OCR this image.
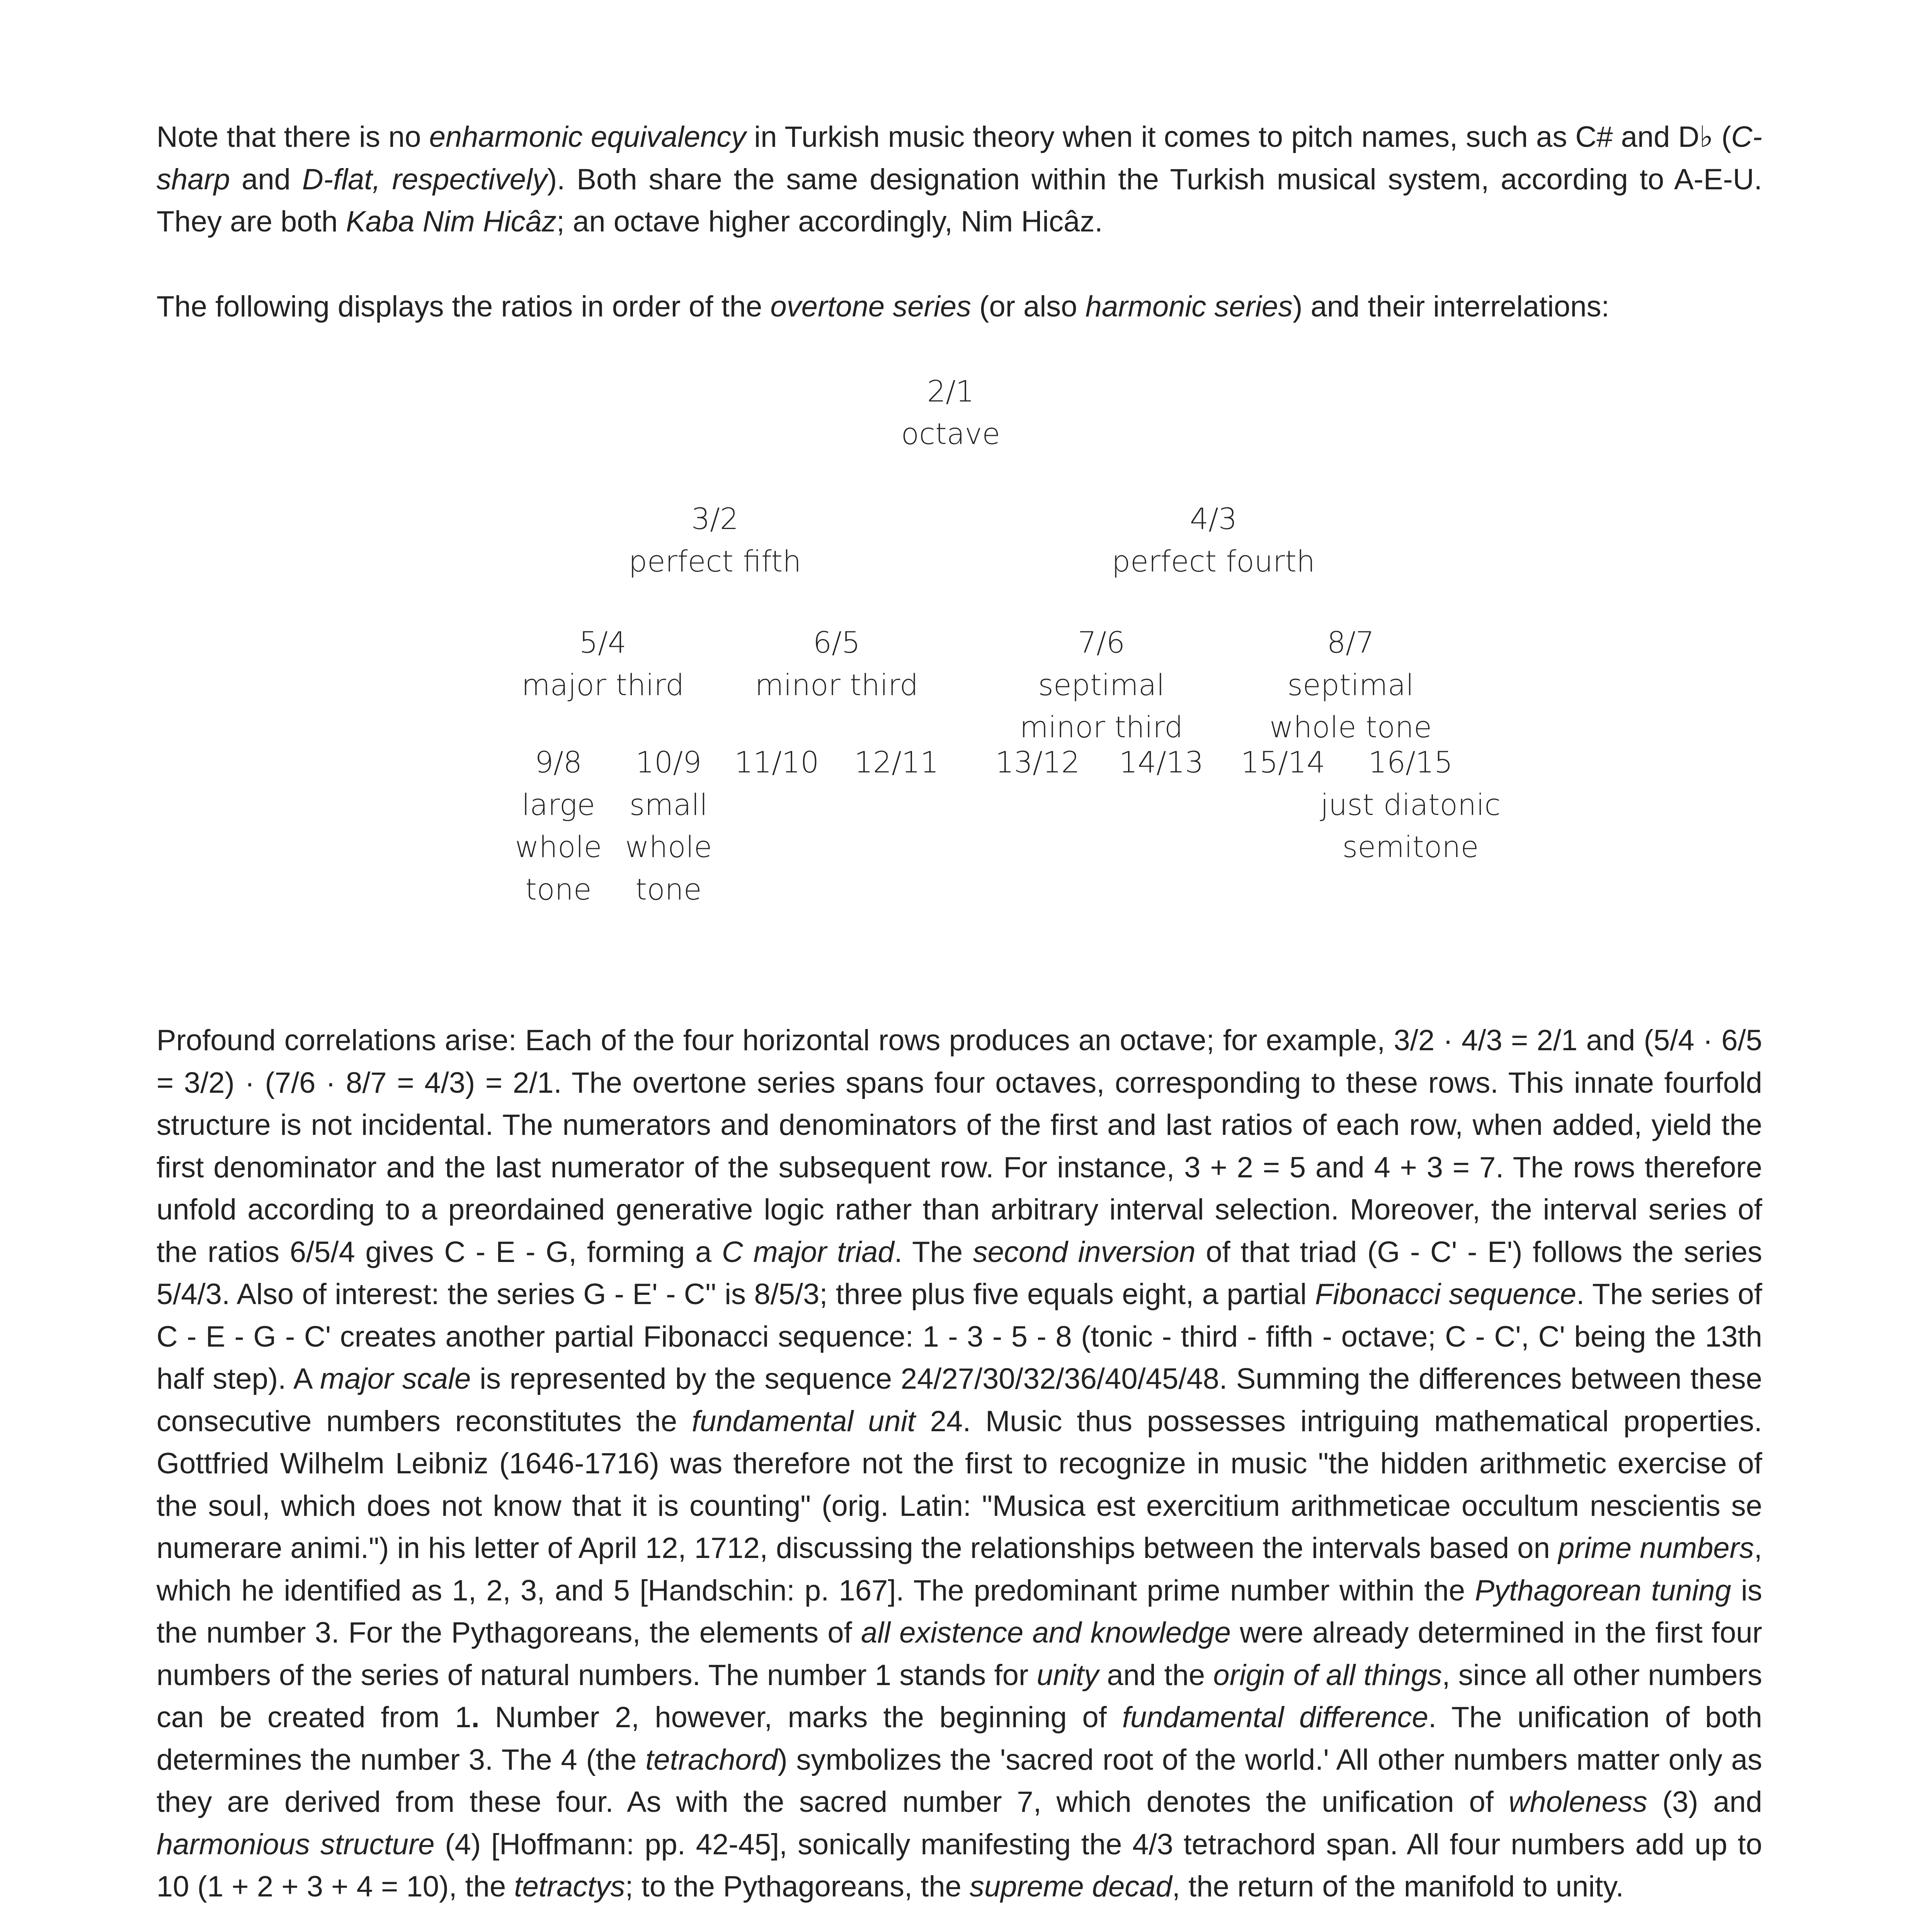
Note that there is no enharmonic equivalency in Turkish music theory when it comes to pitch names, such as C# and D♭ (C-sharp and D-flat, respectively). Both share the same designation within the Turkish musical system, according to A-E-U. They are both Kaba Nim Hicâz; an octave higher accordingly, Nim Hicâz.

The following displays the ratios in order of the overtone series (or also harmonic series) and their interrelations:

2/1
octave
3/2
perfect fifth
4/3
perfect fourth
5/4
major third
6/5
minor third
7/6
septimal
minor third
8/7
septimal
whole tone
9/8
large
whole
tone
10/9
small
whole
tone
11/10 12/11 13/12 14/13 15/14	16/15
just diatonic
semitone

Profound correlations arise: Each of the four horizontal rows produces an octave; for example, 3/2 · 4/3 = 2/1 and (5/4 · 6/5 = 3/2) · (7/6 · 8/7 = 4/3) = 2/1. The overtone series spans four octaves, corresponding to these rows. This innate fourfold structure is not incidental. The numerators and denominators of the first and last ratios of each row, when added, yield the first denominator and the last numerator of the subsequent row. For instance, 3 + 2 = 5 and 4 + 3 = 7. The rows therefore unfold according to a preordained generative logic rather than arbitrary interval selection. Moreover, the interval series of the ratios 6/5/4 gives C - E - G, forming a C major triad. The second inversion of that triad (G - C' - E') follows the series 5/4/3. Also of interest: the series G - E' - C'' is 8/5/3; three plus five equals eight, a partial Fibonacci sequence. The series of C - E - G - C' creates another partial Fibonacci sequence: 1 - 3 - 5 - 8 (tonic - third - fifth - octave; C - C', C' being the 13th half step). A major scale is represented by the sequence 24/27/30/32/36/40/45/48. Summing the differences between these consecutive numbers reconstitutes the fundamental unit 24. Music thus possesses intriguing mathematical properties. Gottfried Wilhelm Leibniz (1646-1716) was therefore not the first to recognize in music "the hidden arithmetic exercise of the soul, which does not know that it is counting" (orig. Latin: "Musica est exercitium arithmeticae occultum nescientis se numerare animi.") in his letter of April 12, 1712, discussing the relationships between the intervals based on prime numbers, which he identified as 1, 2, 3, and 5 [Handschin: p. 167]. The predominant prime number within the Pythagorean tuning is the number 3. For the Pythagoreans, the elements of all existence and knowledge were already determined in the first four numbers of the series of natural numbers. The number 1 stands for unity and the origin of all things, since all other numbers can be created from 1. Number 2, however, marks the beginning of fundamental difference. The unification of both determines the number 3. The 4 (the tetrachord) symbolizes the 'sacred root of the world.' All other numbers matter only as they are derived from these four. As with the sacred number 7, which denotes the unification of wholeness (3) and harmonious structure (4) [Hoffmann: pp. 42-45], sonically manifesting the 4/3 tetrachord span. All four numbers add up to 10 (1 + 2 + 3 + 4 = 10), the tetractys; to the Pythagoreans, the supreme decad, the return of the manifold to unity.
